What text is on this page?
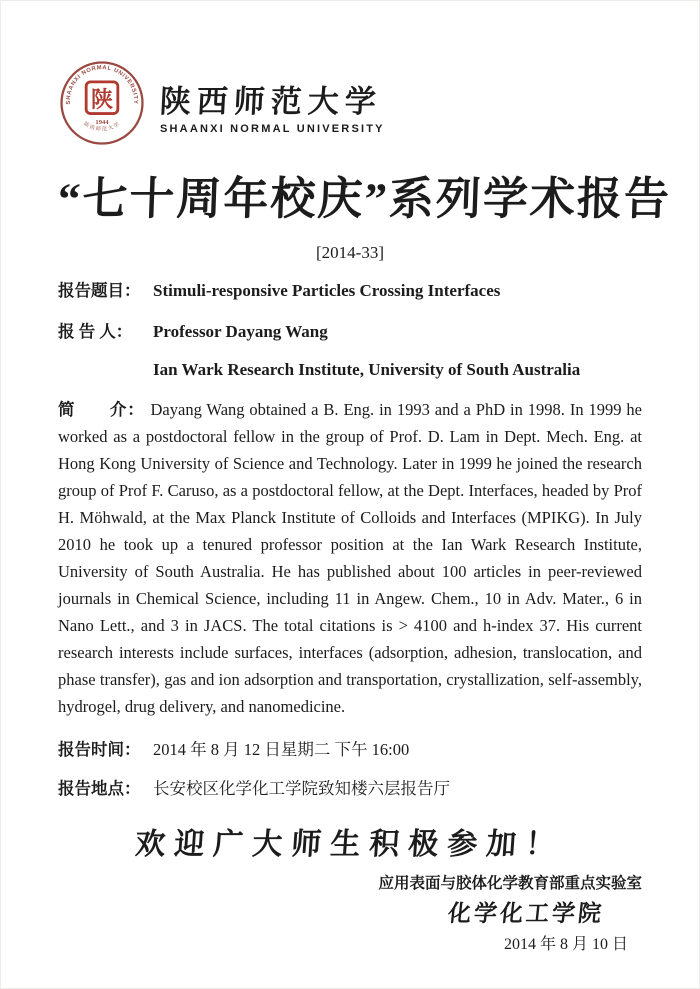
SHAANXI NORMAL UNIVERSITY
陕
1944
陕西师范大学
陕西师范大学
SHAANXI NORMAL UNIVERSITY
“七十周年校庆”系列学术报告
[2014-33]
报告题目： Stimuli-responsive Particles Crossing Interfaces
报 告 人：	Professor Dayang Wang
Ian Wark Research Institute, University of South Australia

简　　介： Dayang Wang obtained a B. Eng. in 1993 and a PhD in 1998. In 1999 he worked as a postdoctoral fellow in the group of Prof. D. Lam in Dept. Mech. Eng. at Hong Kong University of Science and Technology. Later in 1999 he joined the research group of Prof F. Caruso, as a postdoctoral fellow, at the Dept. Interfaces, headed by Prof H. Möhwald, at the Max Planck Institute of Colloids and Interfaces (MPIKG). In July 2010 he took up a tenured professor position at the Ian Wark Research Institute, University of South Australia. He has published about 100 articles in peer-reviewed journals in Chemical Science, including 11 in Angew. Chem., 10 in Adv. Mater., 6 in Nano Lett., and 3 in JACS. The total citations is > 4100 and h-index 37. His current research interests include surfaces, interfaces (adsorption, adhesion, translocation, and phase transfer), gas and ion adsorption and transportation, crystallization, self-assembly, hydrogel, drug delivery, and nanomedicine.

报告时间： 2014 年 8 月 12 日星期二 下午 16:00
报告地点： 长安校区化学化工学院致知楼六层报告厅
欢迎广大师生积极参加！
应用表面与胶体化学教育部重点实验室
化学化工学院
2014 年 8 月 10 日
